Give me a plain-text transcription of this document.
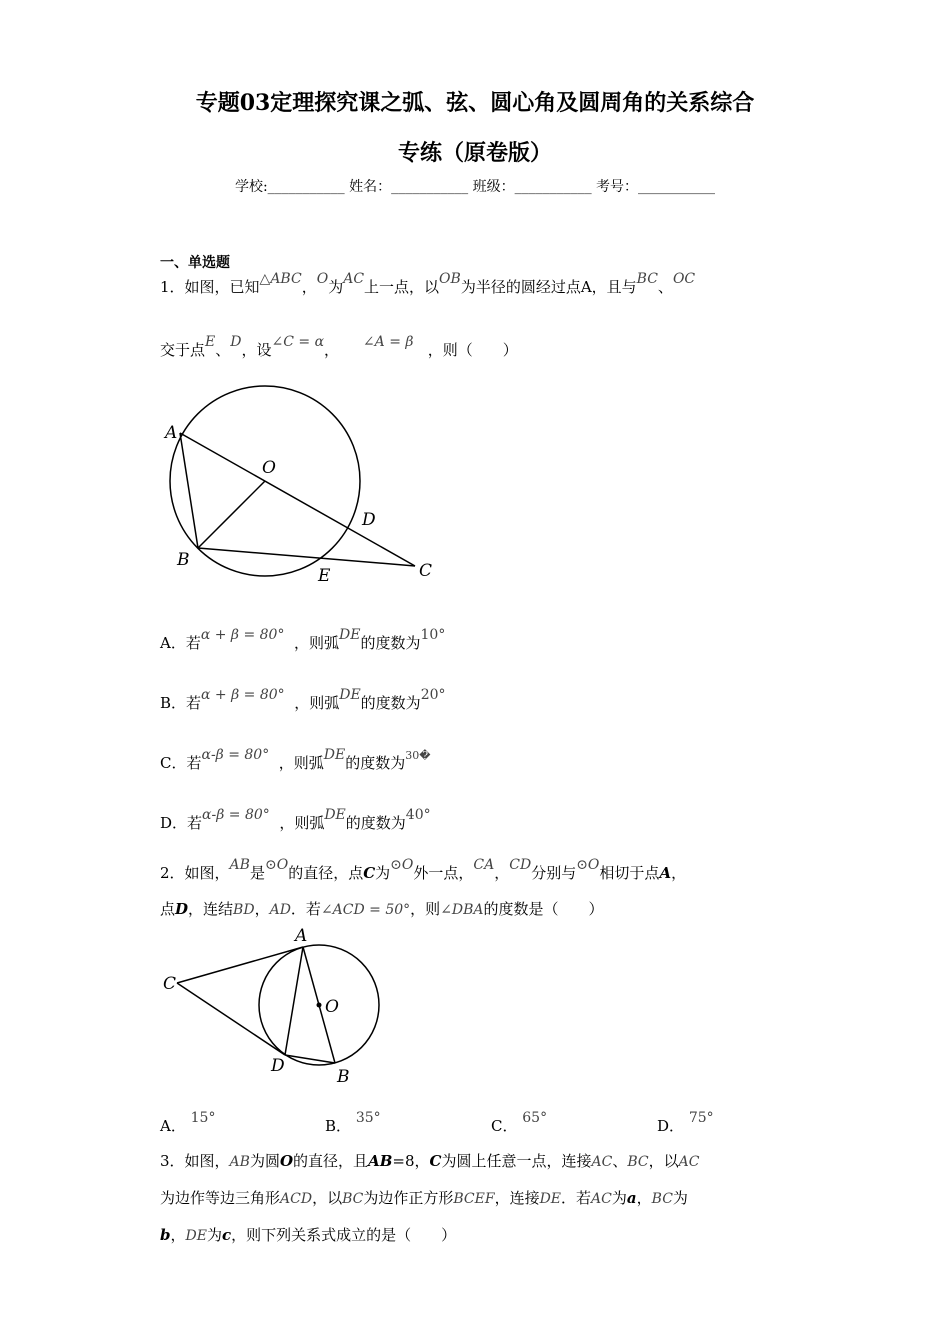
专题03定理探究课之弧、弦、圆心角及圆周角的关系综合
专练（原卷版）
学校:___________ 姓名：___________ 班级：___________ 考号：___________
一、单选题
1．如图，已知△ABC，O为AC上一点，以OB为半径的圆经过点A，且与BC、OC
交于点E、D，设∠C = α， ∠A = β ，则（　　）
A
B
C
D
E
O
A．若α + β = 80° ，则弧DE的度数为10°
B．若α + β = 80° ，则弧DE的度数为20°
C．若α-β = 80° ，则弧DE的度数为$^{30�}$
D．若α-β = 80° ，则弧DE的度数为40°
2．如图，AB是⊙O的直径，点C为⊙O外一点，CA，CD分别与⊙O相切于点A，
点D，连结BD，AD．若∠ACD = 50°，则∠DBA的度数是（　　）
A
B
C
D
O
A． 15°	B． 35°	C． 65°	D． 75°
3．如图，AB为圆O的直径，且AB=8，C为圆上任意一点，连接AC、BC，以AC
为边作等边三角形ACD，以BC为边作正方形BCEF，连接DE．若AC为a，BC为
b，DE为c，则下列关系式成立的是（　　）
